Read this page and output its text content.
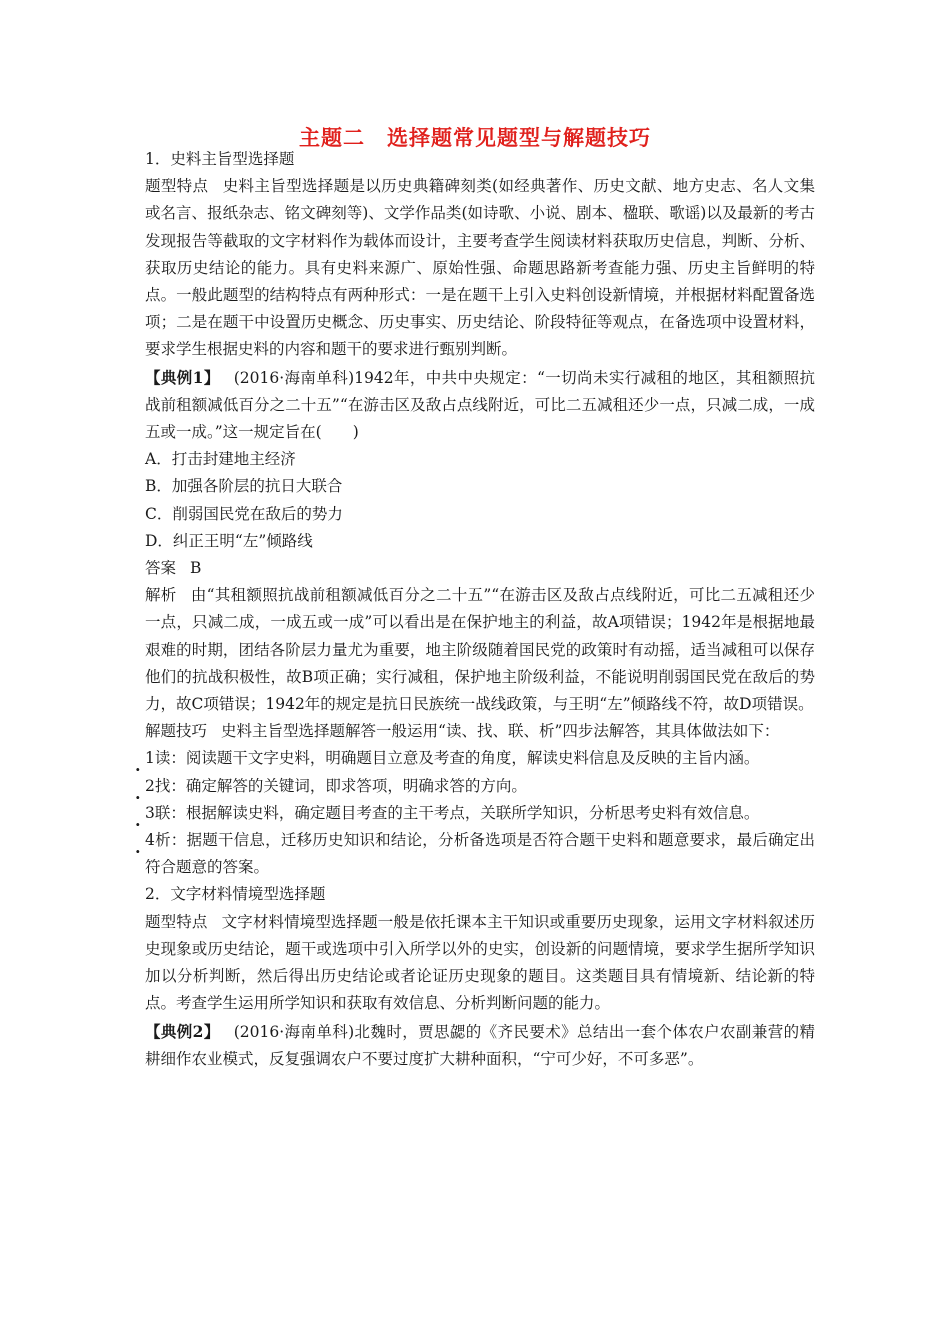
主题二　选择题常见题型与解题技巧

1．史料主旨型选择题

题型特点 史料主旨型选择题是以历史典籍碑刻类(如经典著作、历史文献、地方史志、名人文集或名言、报纸杂志、铭文碑刻等)、文学作品类(如诗歌、小说、剧本、楹联、歌谣)以及最新的考古发现报告等截取的文字材料作为载体而设计，主要考查学生阅读材料获取历史信息，判断、分析、获取历史结论的能力。具有史料来源广、原始性强、命题思路新考查能力强、历史主旨鲜明的特点。一般此题型的结构特点有两种形式：一是在题干上引入史料创设新情境，并根据材料配置备选项；二是在题干中设置历史概念、历史事实、历史结论、阶段特征等观点，在备选项中设置材料，要求学生根据史料的内容和题干的要求进行甄别判断。

【典例1】 (2016·海南单科)1942年，中共中央规定：“一切尚未实行减租的地区，其租额照抗战前租额减低百分之二十五”“在游击区及敌占点线附近，可比二五减租还少一点，只减二成，一成五或一成。”这一规定旨在(　　)

A．打击封建地主经济

B．加强各阶层的抗日大联合

C．削弱国民党在敌后的势力

D．纠正王明“左”倾路线

答案 B

解析 由“其租额照抗战前租额减低百分之二十五”“在游击区及敌占点线附近，可比二五减租还少一点，只减二成，一成五或一成”可以看出是在保护地主的利益，故A项错误；1942年是根据地最艰难的时期，团结各阶层力量尤为重要，地主阶级随着国民党的政策时有动摇，适当减租可以保存他们的抗战积极性，故B项正确；实行减租，保护地主阶级利益，不能说明削弱国民党在敌后的势力，故C项错误；1942年的规定是抗日民族统一战线政策，与王明“左”倾路线不符，故D项错误。

解题技巧 史料主旨型选择题解答一般运用“读、找、联、析”四步法解答，其具体做法如下：

. 1读：阅读题干文字史料，明确题目立意及考查的角度，解读史料信息及反映的主旨内涵。

. 2找：确定解答的关键词，即求答项，明确求答的方向。

. 3联：根据解读史料，确定题目考查的主干考点，关联所学知识，分析思考史料有效信息。

. 4析：据题干信息，迁移历史知识和结论，分析备选项是否符合题干史料和题意要求，最后确定出符合题意的答案。

2．文字材料情境型选择题

题型特点 文字材料情境型选择题一般是依托课本主干知识或重要历史现象，运用文字材料叙述历史现象或历史结论，题干或选项中引入所学以外的史实，创设新的问题情境，要求学生据所学知识加以分析判断，然后得出历史结论或者论证历史现象的题目。这类题目具有情境新、结论新的特点。考查学生运用所学知识和获取有效信息、分析判断问题的能力。

【典例2】 (2016·海南单科)北魏时，贾思勰的《齐民要术》总结出一套个体农户农副兼营的精耕细作农业模式，反复强调农户不要过度扩大耕种面积，“宁可少好，不可多恶”。
